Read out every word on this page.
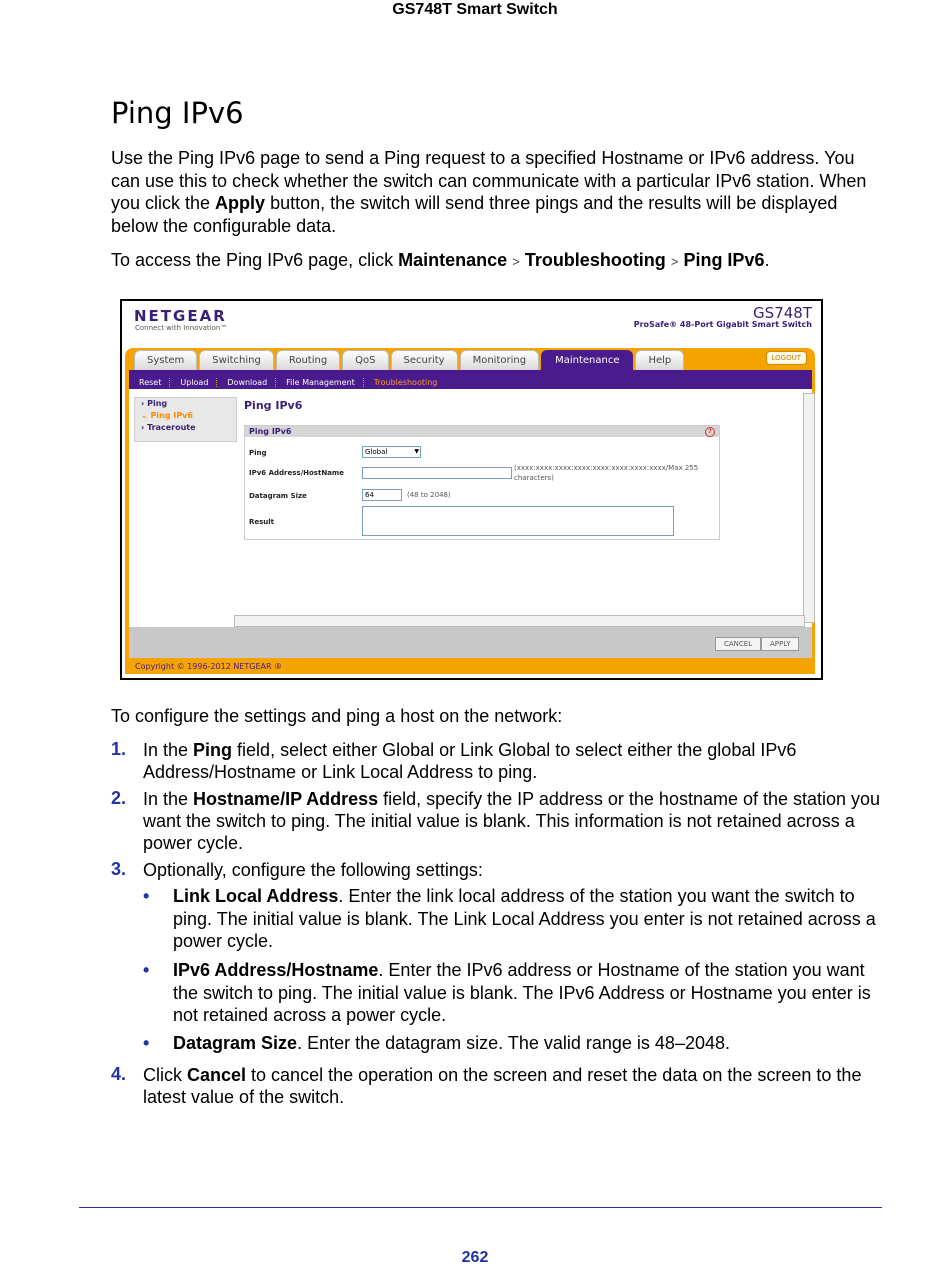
GS748T Smart Switch
Ping IPv6

Use the Ping IPv6 page to send a Ping request to a specified Hostname or IPv6 address. You can use this to check whether the switch can communicate with a particular IPv6 station. When you click the Apply button, the switch will send three pings and the results will be displayed below the configurable data.

To access the Ping IPv6 page, click Maintenance > Troubleshooting > Ping IPv6.

NETGEAR
Connect with Innovation™
GS748T
ProSafe® 48-Port Gigabit Smart Switch
System	Switching	Routing	QoS	Security	Monitoring	Maintenance	Help	LOGOUT
Reset Upload Download File Management Troubleshooting
› Ping
⌄ Ping IPv6
› Traceroute
Ping IPv6
Ping IPv6	?
Ping	Global	▼
IPv6 Address/HostName
(xxxx:xxxx:xxxx:xxxx:xxxx:xxxx:xxxx:xxxx/Max 255 characters)
Datagram Size	64	(48 to 2048)
Result
CANCEL	APPLY
Copyright © 1996-2012 NETGEAR ®

To configure the settings and ping a host on the network:

1. In the Ping field, select either Global or Link Global to select either the global IPv6 Address/Hostname or Link Local Address to ping.

2. In the Hostname/IP Address field, specify the IP address or the hostname of the station you want the switch to ping. The initial value is blank. This information is not retained across a power cycle.

3. Optionally, configure the following settings:

• Link Local Address. Enter the link local address of the station you want the switch to ping. The initial value is blank. The Link Local Address you enter is not retained across a power cycle.

• IPv6 Address/Hostname. Enter the IPv6 address or Hostname of the station you want the switch to ping. The initial value is blank. The IPv6 Address or Hostname you enter is not retained across a power cycle.

• Datagram Size. Enter the datagram size. The valid range is 48–2048.

4. Click Cancel to cancel the operation on the screen and reset the data on the screen to the latest value of the switch.

262
